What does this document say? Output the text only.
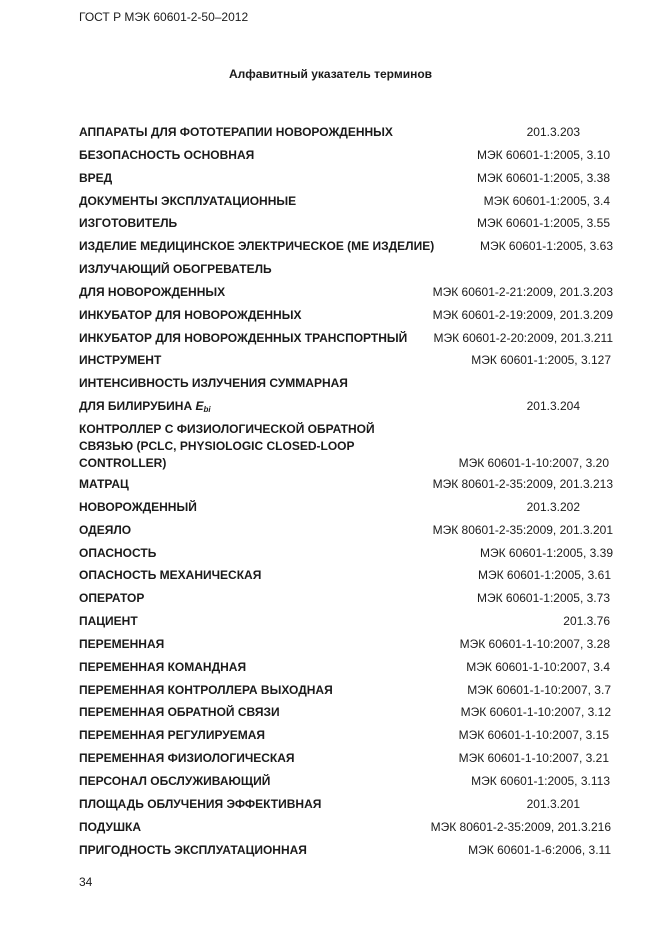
ГОСТ Р МЭК 60601-2-50–2012
Алфавитный указатель терминов
АППАРАТЫ ДЛЯ ФОТОТЕРАПИИ НОВОРОЖДЕННЫХ	201.3.203
БЕЗОПАСНОСТЬ ОСНОВНАЯ	МЭК 60601-1:2005, 3.10
ВРЕД	МЭК 60601-1:2005, 3.38
ДОКУМЕНТЫ ЭКСПЛУАТАЦИОННЫЕ	МЭК 60601-1:2005, 3.4
ИЗГОТОВИТЕЛЬ	МЭК 60601-1:2005, 3.55
ИЗДЕЛИЕ МЕДИЦИНСКОЕ ЭЛЕКТРИЧЕСКОЕ (МЕ ИЗДЕЛИЕ)	МЭК 60601-1:2005, 3.63
ИЗЛУЧАЮЩИЙ ОБОГРЕВАТЕЛЬ
ДЛЯ НОВОРОЖДЕННЫХ	МЭК 60601-2-21:2009, 201.3.203
ИНКУБАТОР ДЛЯ НОВОРОЖДЕННЫХ	МЭК 60601-2-19:2009, 201.3.209
ИНКУБАТОР ДЛЯ НОВОРОЖДЕННЫХ ТРАНСПОРТНЫЙ МЭК 60601-2-20:2009, 201.3.211
ИНСТРУМЕНТ	МЭК 60601-1:2005, 3.127
ИНТЕНСИВНОСТЬ ИЗЛУЧЕНИЯ СУММАРНАЯ
ДЛЯ БИЛИРУБИНА $E_{bi}$	201.3.204
КОНТРОЛЛЕР С ФИЗИОЛОГИЧЕСКОЙ ОБРАТНОЙ
СВЯЗЬЮ (PCLC, PHYSIOLOGIC CLOSED-LOOP
CONTROLLER)	МЭК 60601-1-10:2007, 3.20
МАТРАЦ	МЭК 80601-2-35:2009, 201.3.213
НОВОРОЖДЕННЫЙ	201.3.202
ОДЕЯЛО	МЭК 80601-2-35:2009, 201.3.201
ОПАСНОСТЬ	МЭК 60601-1:2005, 3.39
ОПАСНОСТЬ МЕХАНИЧЕСКАЯ	МЭК 60601-1:2005, 3.61
ОПЕРАТОР	МЭК 60601-1:2005, 3.73
ПАЦИЕНТ	201.3.76
ПЕРЕМЕННАЯ	МЭК 60601-1-10:2007, 3.28
ПЕРЕМЕННАЯ КОМАНДНАЯ	МЭК 60601-1-10:2007, 3.4
ПЕРЕМЕННАЯ КОНТРОЛЛЕРА ВЫХОДНАЯ	МЭК 60601-1-10:2007, 3.7
ПЕРЕМЕННАЯ ОБРАТНОЙ СВЯЗИ	МЭК 60601-1-10:2007, 3.12
ПЕРЕМЕННАЯ РЕГУЛИРУЕМАЯ	МЭК 60601-1-10:2007, 3.15
ПЕРЕМЕННАЯ ФИЗИОЛОГИЧЕСКАЯ	МЭК 60601-1-10:2007, 3.21
ПЕРСОНАЛ ОБСЛУЖИВАЮЩИЙ	МЭК 60601-1:2005, 3.113
ПЛОЩАДЬ ОБЛУЧЕНИЯ ЭФФЕКТИВНАЯ	201.3.201
ПОДУШКА	МЭК 80601-2-35:2009, 201.3.216
ПРИГОДНОСТЬ ЭКСПЛУАТАЦИОННАЯ	МЭК 60601-1-6:2006, 3.11
34
